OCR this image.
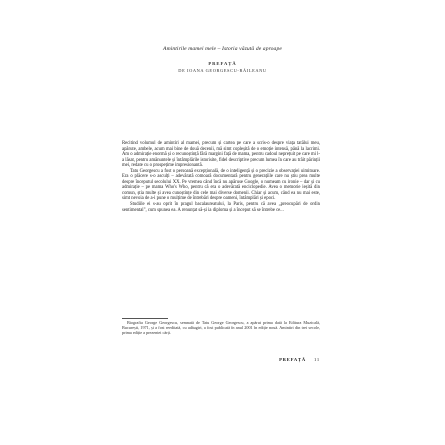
Amintirile mamei mele – Istoria văzută de aproape
PREFAȚĂ
DE IOANA GEORGESCU-RĂILEANU

Recitind volumul de amintiri al mamei, precum și cartea pe care a scris-o despre viața tatălui meu, apărute, ambele, acum mai bine de două decenii, mă simt copleșită de o emoție intensă, până la lacrimi. Am o admirație enormă și o recunoștință fără margini față de mama, pentru cadoul neprețuit pe care mi l-a lăsat, pentru amănuntele și întâmplările istorisite, fidel descriptive precum lumea în care au trăit părinții mei, redate cu o prospețime impresionantă.

Tatu Georgescu a fost o persoană excepțională, de o inteligență și o precizie a observației uimitoare. Era o plăcere s-o asculți – adevărată comoară documentară pentru generațiile care nu știu prea multe despre începutul secolului XX. Pe vremea când încă nu apăruse Google, o numeam cu ironie – dar și cu admirație – pe mama Who's Who, pentru că era o adevărată enciclopedie. Avea o memorie ieșită din comun, știa multe și avea cunoștințe din cele mai diverse domenii. Chiar și acum, când ea nu mai este, simt nevoia de a-i pune o mulțime de întrebări despre oameni, întâmplări și epoci.

Studiile ei s-au oprit în pragul bacalaureatului, la Paris, pentru că avea „preocupări de ordin sentimental", cum spunea ea. A renunțat să-și ia diploma și a început să se întrebe ce...

Biografia George Georgescu, semnată de Tatu George Georgescu, a apărut prima dată la Editura Muzicală, București, 1971, și a fost reeditată, cu adăugiri, a fost publicată în anul 2001 în ediție nouă. Amintiri din trei secole, prima ediție a prezentei cărți.
PREFAȚĂ 11
